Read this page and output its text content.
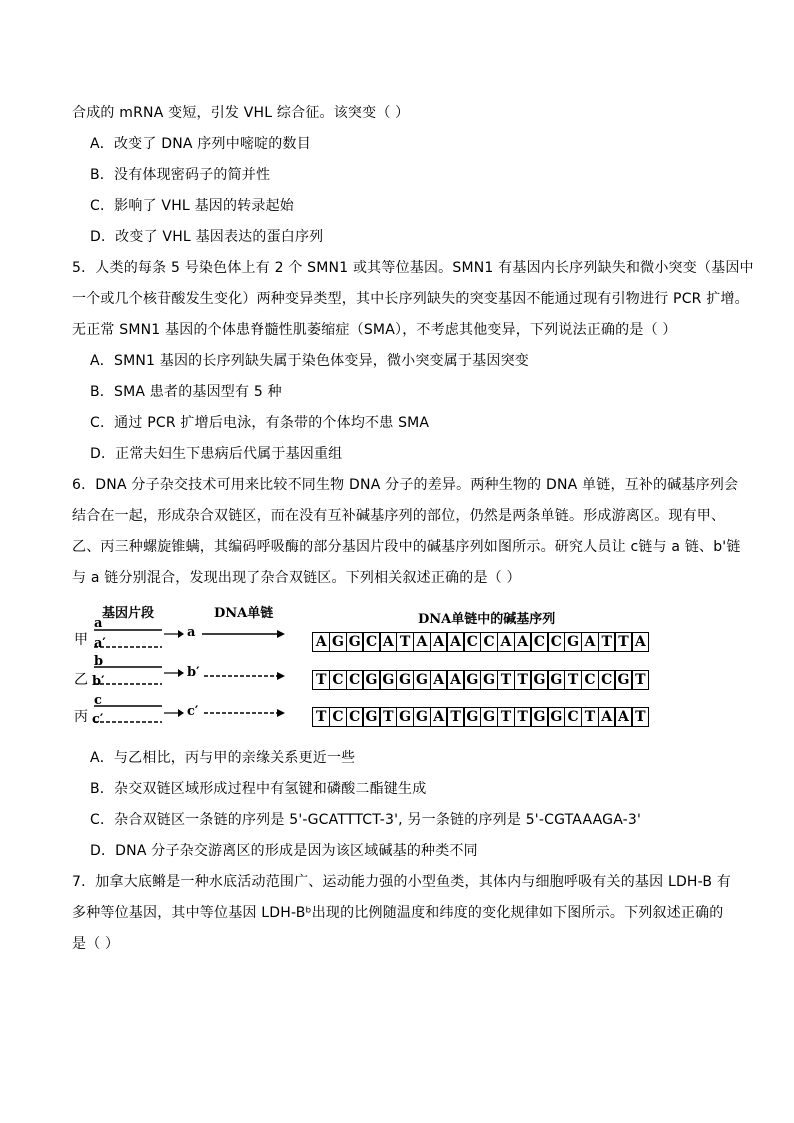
合成的 mRNA 变短，引发 VHL 综合征。该突变（ ）
A．改变了 DNA 序列中嘧啶的数目
B．没有体现密码子的简并性
C．影响了 VHL 基因的转录起始
D．改变了 VHL 基因表达的蛋白序列
5．人类的每条 5 号染色体上有 2 个 SMN1 或其等位基因。SMN1 有基因内长序列缺失和微小突变（基因中
一个或几个核苷酸发生变化）两种变异类型，其中长序列缺失的突变基因不能通过现有引物进行 PCR 扩增。
无正常 SMN1 基因的个体患脊髓性肌萎缩症（SMA），不考虑其他变异，下列说法正确的是（ ）
A．SMN1 基因的长序列缺失属于染色体变异，微小突变属于基因突变
B．SMA 患者的基因型有 5 种
C．通过 PCR 扩增后电泳，有条带的个体均不患 SMA
D．正常夫妇生下患病后代属于基因重组
6．DNA 分子杂交技术可用来比较不同生物 DNA 分子的差异。两种生物的 DNA 单链，互补的碱基序列会
结合在一起，形成杂合双链区，而在没有互补碱基序列的部位，仍然是两条单链。形成游离区。现有甲、
乙、丙三种螺旋锥螨，其编码呼吸酶的部分基因片段中的碱基序列如图所示。研究人员让 c链与 a 链、b'链
与 a 链分别混合，发现出现了杂合双链区。下列相关叙述正确的是（ ）
基因片段	DNA单链	DNA单链中的碱基序列
甲
乙
丙
a
a′
a
b
b′
b′
c
c′
c′
A G G C A T A A A C C A A C C G A T T A
T C C G G G G A A G G T T G G T C C G T
T C C G T G G A T G G T T G G C T A A T
A．与乙相比，丙与甲的亲缘关系更近一些
B．杂交双链区域形成过程中有氢键和磷酸二酯键生成
C．杂合双链区一条链的序列是 5'-GCATTTCT-3', 另一条链的序列是 5'-CGTAAAGA-3'
D．DNA 分子杂交游离区的形成是因为该区域碱基的种类不同
7．加拿大底鳉是一种水底活动范围广、运动能力强的小型鱼类，其体内与细胞呼吸有关的基因 LDH-B 有
多种等位基因，其中等位基因 LDH-Bᵇ出现的比例随温度和纬度的变化规律如下图所示。下列叙述正确的
是（ ）
